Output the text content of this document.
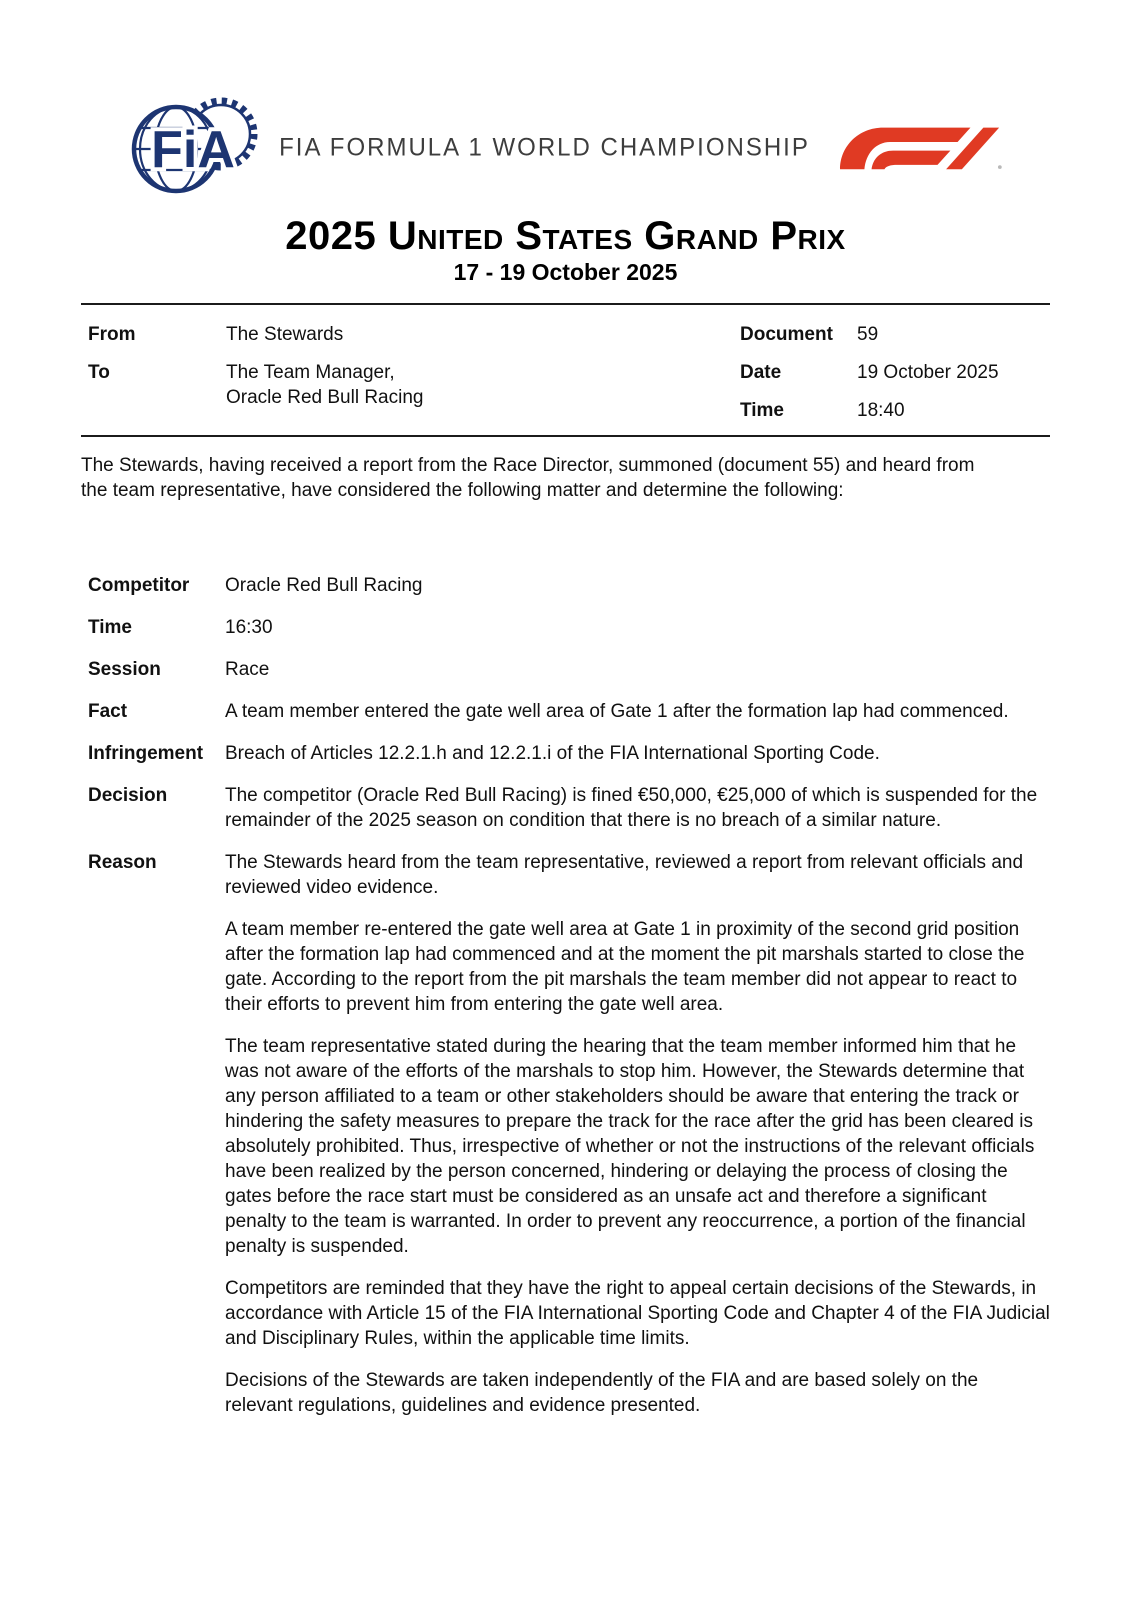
FiA	FIA FORMULA 1 WORLD CHAMPIONSHIP
2025 United States Grand Prix
17 - 19 October 2025
From	The Stewards
To	The Team Manager,
Oracle Red Bull Racing
Document	59
Date	19 October 2025
Time	18:40

The Stewards, having received a report from the Race Director, summoned (document 55) and heard from the team representative, have considered the following matter and determine the following:

Competitor	Oracle Red Bull Racing

Time	16:30

Session	Race

Fact	A team member entered the gate well area of Gate 1 after the formation lap had commenced.

Infringement	Breach of Articles 12.2.1.h and 12.2.1.i of the FIA International Sporting Code.

Decision	The competitor (Oracle Red Bull Racing) is fined €50,000, €25,000 of which is suspended for the remainder of the 2025 season on condition that there is no breach of a similar nature.

Reason	The Stewards heard from the team representative, reviewed a report from relevant officials and reviewed video evidence.

A team member re-entered the gate well area at Gate 1 in proximity of the second grid position after the formation lap had commenced and at the moment the pit marshals started to close the gate. According to the report from the pit marshals the team member did not appear to react to their efforts to prevent him from entering the gate well area.

The team representative stated during the hearing that the team member informed him that he was not aware of the efforts of the marshals to stop him. However, the Stewards determine that any person affiliated to a team or other stakeholders should be aware that entering the track or hindering the safety measures to prepare the track for the race after the grid has been cleared is absolutely prohibited. Thus, irrespective of whether or not the instructions of the relevant officials have been realized by the person concerned, hindering or delaying the process of closing the gates before the race start must be considered as an unsafe act and therefore a significant penalty to the team is warranted. In order to prevent any reoccurrence, a portion of the financial penalty is suspended.

Competitors are reminded that they have the right to appeal certain decisions of the Stewards, in accordance with Article 15 of the FIA International Sporting Code and Chapter 4 of the FIA Judicial and Disciplinary Rules, within the applicable time limits.

Decisions of the Stewards are taken independently of the FIA and are based solely on the relevant regulations, guidelines and evidence presented.
